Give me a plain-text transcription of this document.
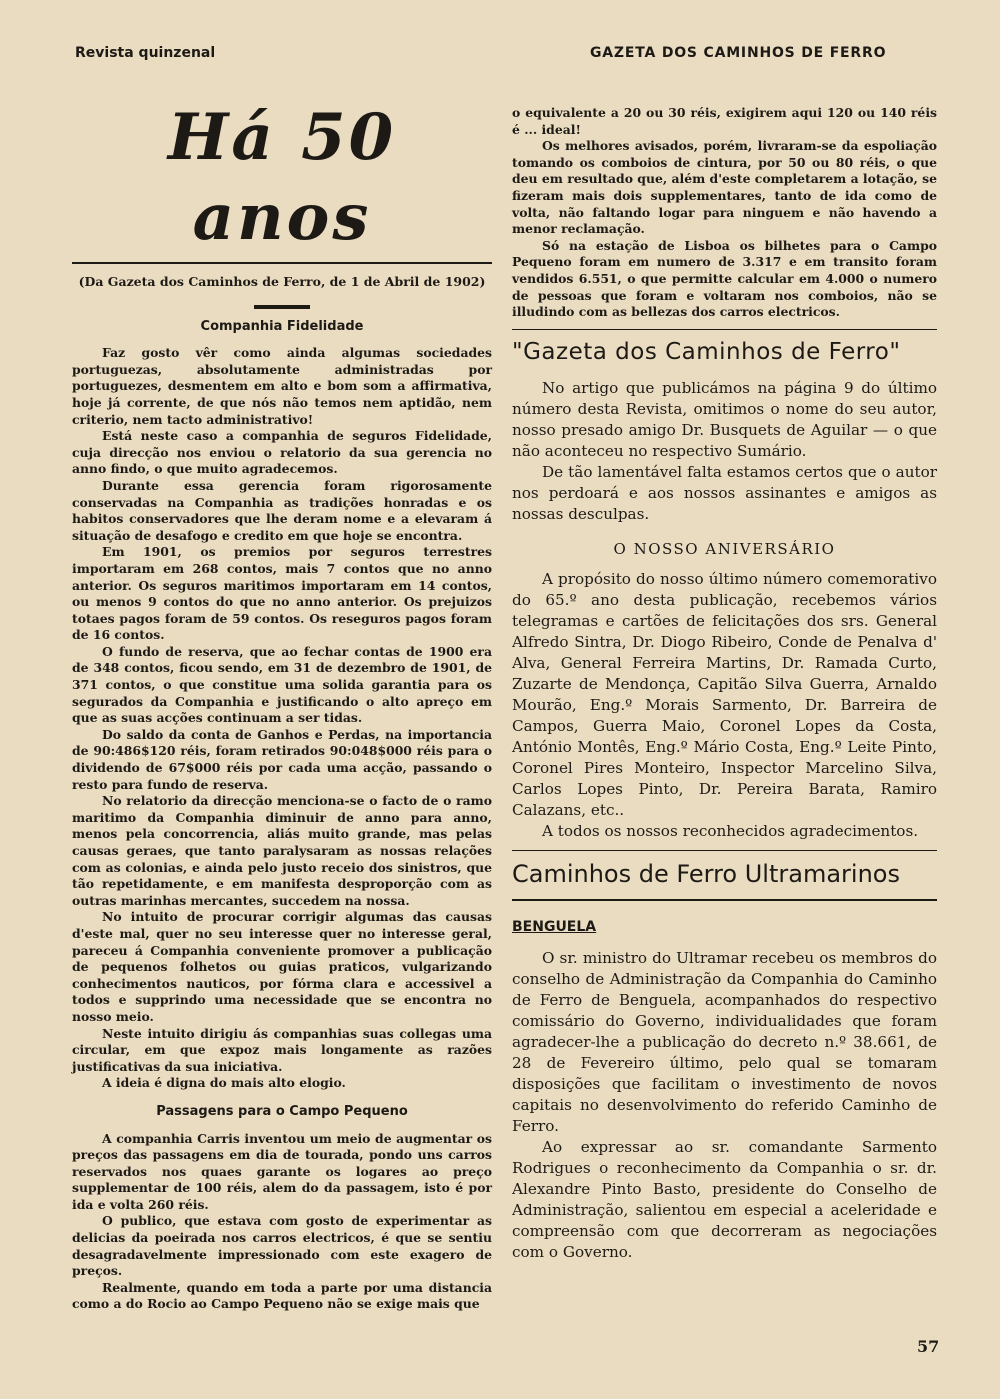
Revista quinzenal	GAZETA DOS CAMINHOS DE FERRO
Há 50 anos
(Da Gazeta dos Caminhos de Ferro, de 1 de Abril de 1902)
Companhia Fidelidade

Faz gosto vêr como ainda algumas sociedades portuguezas, absolutamente administradas por portuguezes, desmentem em alto e bom som a affirmativa, hoje já corrente, de que nós não temos nem aptidão, nem criterio, nem tacto administrativo!

Está neste caso a companhia de seguros Fidelidade, cuja direcção nos enviou o relatorio da sua gerencia no anno findo, o que muito agradecemos.

Durante essa gerencia foram rigorosamente conservadas na Companhia as tradições honradas e os habitos conservadores que lhe deram nome e a elevaram á situação de desafogo e credito em que hoje se encontra.

Em 1901, os premios por seguros terrestres importaram em 268 contos, mais 7 contos que no anno anterior. Os seguros maritimos importaram em 14 contos, ou menos 9 contos do que no anno anterior. Os prejuizos totaes pagos foram de 59 contos. Os reseguros pagos foram de 16 contos.

O fundo de reserva, que ao fechar contas de 1900 era de 348 contos, ficou sendo, em 31 de dezembro de 1901, de 371 contos, o que constitue uma solida garantia para os segurados da Companhia e justificando o alto apreço em que as suas acções continuam a ser tidas.

Do saldo da conta de Ganhos e Perdas, na importancia de 90:486$120 réis, foram retirados 90:048$000 réis para o dividendo de 67$000 réis por cada uma acção, passando o resto para fundo de reserva.

No relatorio da direcção menciona-se o facto de o ramo maritimo da Companhia diminuir de anno para anno, menos pela concorrencia, aliás muito grande, mas pelas causas geraes, que tanto paralysaram as nossas relações com as colonias, e ainda pelo justo receio dos sinistros, que tão repetidamente, e em manifesta desproporção com as outras marinhas mercantes, succedem na nossa.

No intuito de procurar corrigir algumas das causas d'este mal, quer no seu interesse quer no interesse geral, pareceu á Companhia conveniente promover a publicação de pequenos folhetos ou guias praticos, vulgarizando conhecimentos nauticos, por fórma clara e accessivel a todos e supprindo uma necessidade que se encontra no nosso meio.

Neste intuito dirigiu ás companhias suas collegas uma circular, em que expoz mais longamente as razões justificativas da sua iniciativa.

A ideia é digna do mais alto elogio.

Passagens para o Campo Pequeno

A companhia Carris inventou um meio de augmentar os preços das passagens em dia de tourada, pondo uns carros reservados nos quaes garante os logares ao preço supplementar de 100 réis, alem do da passagem, isto é por ida e volta 260 réis.

O publico, que estava com gosto de experimentar as delicias da poeirada nos carros electricos, é que se sentiu desagradavelmente impressionado com este exagero de preços.

Realmente, quando em toda a parte por uma distancia como a do Rocio ao Campo Pequeno não se exige mais que

o equivalente a 20 ou 30 réis, exigirem aqui 120 ou 140 réis é ... ideal!

Os melhores avisados, porém, livraram-se da espoliação tomando os comboios de cintura, por 50 ou 80 réis, o que deu em resultado que, além d'este completarem a lotação, se fizeram mais dois supplementares, tanto de ida como de volta, não faltando logar para ninguem e não havendo a menor reclamação.

Só na estação de Lisboa os bilhetes para o Campo Pequeno foram em numero de 3.317 e em transito foram vendidos 6.551, o que permitte calcular em 4.000 o numero de pessoas que foram e voltaram nos comboios, não se illudindo com as bellezas dos carros electricos.

"Gazeta dos Caminhos de Ferro"

No artigo que publicámos na página 9 do último número desta Revista, omitimos o nome do seu autor, nosso presado amigo Dr. Busquets de Aguilar — o que não aconteceu no respectivo Sumário.

De tão lamentável falta estamos certos que o autor nos perdoará e aos nossos assinantes e amigos as nossas desculpas.

O NOSSO ANIVERSÁRIO

A propósito do nosso último número comemorativo do 65.º ano desta publicação, recebemos vários telegramas e cartões de felicitações dos srs. General Alfredo Sintra, Dr. Diogo Ribeiro, Conde de Penalva d' Alva, General Ferreira Martins, Dr. Ramada Curto, Zuzarte de Mendonça, Capitão Silva Guerra, Arnaldo Mourão, Eng.º Morais Sarmento, Dr. Barreira de Campos, Guerra Maio, Coronel Lopes da Costa, António Montês, Eng.º Mário Costa, Eng.º Leite Pinto, Coronel Pires Monteiro, Inspector Marcelino Silva, Carlos Lopes Pinto, Dr. Pereira Barata, Ramiro Calazans, etc..

A todos os nossos reconhecidos agradecimentos.

Caminhos de Ferro Ultramarinos
BENGUELA

O sr. ministro do Ultramar recebeu os membros do conselho de Administração da Companhia do Caminho de Ferro de Benguela, acompanhados do respectivo comissário do Governo, individualidades que foram agradecer-lhe a publicação do decreto n.º 38.661, de 28 de Fevereiro último, pelo qual se tomaram disposições que facilitam o investimento de novos capitais no desenvolvimento do referido Caminho de Ferro.

Ao expressar ao sr. comandante Sarmento Rodrigues o reconhecimento da Companhia o sr. dr. Alexandre Pinto Basto, presidente do Conselho de Administração, salientou em especial a aceleridade e compreensão com que decorreram as negociações com o Governo.

57
